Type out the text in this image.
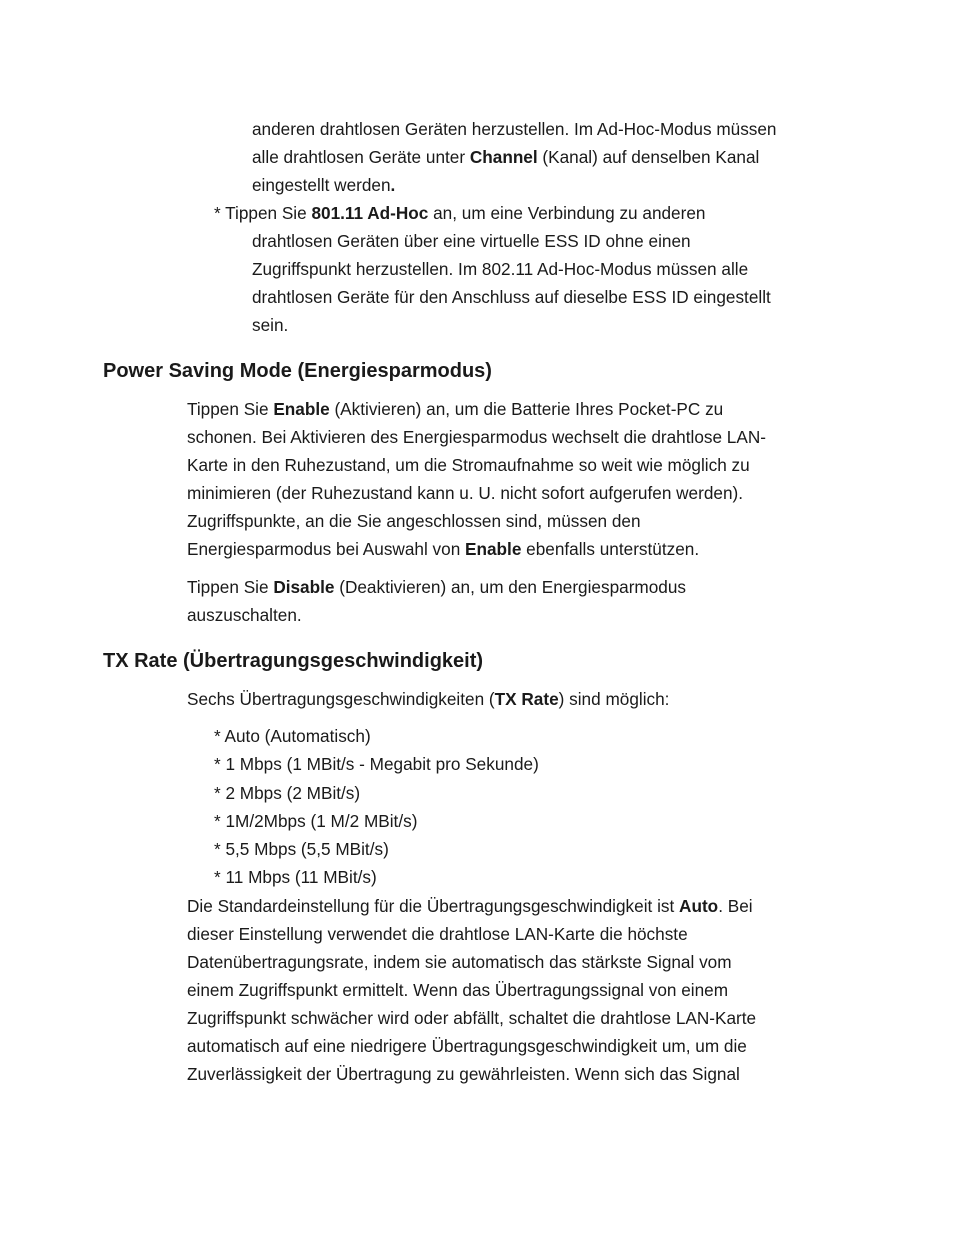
anderen drahtlosen Geräten herzustellen. Im Ad-Hoc-Modus müssen
alle drahtlosen Geräte unter Channel (Kanal) auf denselben Kanal
eingestellt werden.
* Tippen Sie 801.11 Ad-Hoc an, um eine Verbindung zu anderen
drahtlosen Geräten über eine virtuelle ESS ID ohne einen
Zugriffspunkt herzustellen. Im 802.11 Ad-Hoc-Modus müssen alle
drahtlosen Geräte für den Anschluss auf dieselbe ESS ID eingestellt
sein.
Power Saving Mode (Energiesparmodus)
Tippen Sie Enable (Aktivieren) an, um die Batterie Ihres Pocket-PC zu
schonen. Bei Aktivieren des Energiesparmodus wechselt die drahtlose LAN-
Karte in den Ruhezustand, um die Stromaufnahme so weit wie möglich zu
minimieren (der Ruhezustand kann u. U. nicht sofort aufgerufen werden).
Zugriffspunkte, an die Sie angeschlossen sind, müssen den
Energiesparmodus bei Auswahl von Enable ebenfalls unterstützen.
Tippen Sie Disable (Deaktivieren) an, um den Energiesparmodus
auszuschalten.
TX Rate (Übertragungsgeschwindigkeit)
Sechs Übertragungsgeschwindigkeiten (TX Rate) sind möglich:
* Auto (Automatisch)
* 1 Mbps (1 MBit/s - Megabit pro Sekunde)
* 2 Mbps (2 MBit/s)
* 1M/2Mbps (1 M/2 MBit/s)
* 5,5 Mbps (5,5 MBit/s)
* 11 Mbps (11 MBit/s)
Die Standardeinstellung für die Übertragungsgeschwindigkeit ist Auto. Bei
dieser Einstellung verwendet die drahtlose LAN-Karte die höchste
Datenübertragungsrate, indem sie automatisch das stärkste Signal vom
einem Zugriffspunkt ermittelt. Wenn das Übertragungssignal von einem
Zugriffspunkt schwächer wird oder abfällt, schaltet die drahtlose LAN-Karte
automatisch auf eine niedrigere Übertragungsgeschwindigkeit um, um die
Zuverlässigkeit der Übertragung zu gewährleisten. Wenn sich das Signal
